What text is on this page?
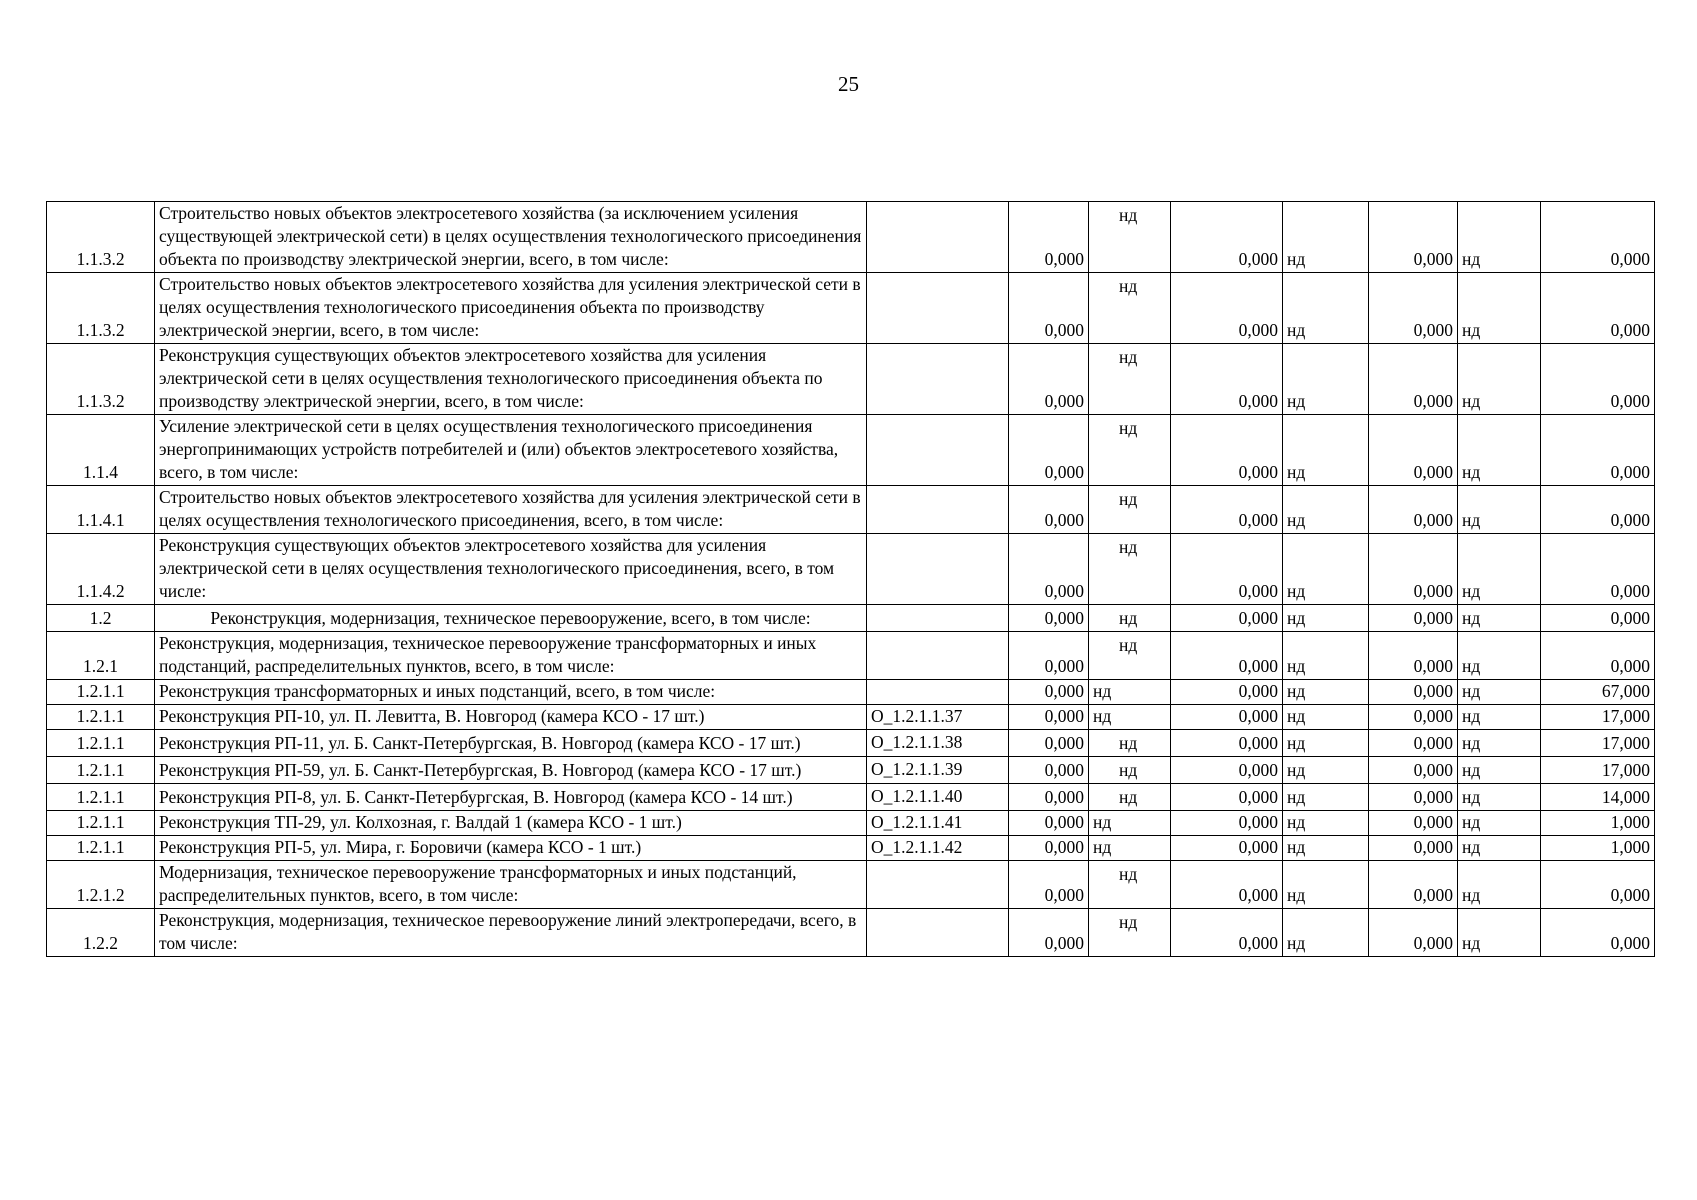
25
1.1.3.2	Строительство новых объектов электросетевого хозяйства (за исключением усиления существующей электрической сети) в целях осуществления технологического присоединения объекта по производству электрической энергии, всего, в том числе:		0,000	нд	0,000	нд	0,000	нд	0,000
1.1.3.2	Строительство новых объектов электросетевого хозяйства для усиления электрической сети в целях осуществления технологического присоединения объекта по производству электрической энергии, всего, в том числе:		0,000	нд	0,000	нд	0,000	нд	0,000
1.1.3.2	Реконструкция существующих объектов электросетевого хозяйства для усиления электрической сети в целях осуществления технологического присоединения объекта по производству электрической энергии, всего, в том числе:		0,000	нд	0,000	нд	0,000	нд	0,000
1.1.4	Усиление электрической сети в целях осуществления технологического присоединения энергопринимающих устройств потребителей и (или) объектов электросетевого хозяйства, всего, в том числе:		0,000	нд	0,000	нд	0,000	нд	0,000
1.1.4.1	Строительство новых объектов электросетевого хозяйства для усиления электрической сети в целях осуществления технологического присоединения, всего, в том числе:		0,000	нд	0,000	нд	0,000	нд	0,000
1.1.4.2	Реконструкция существующих объектов электросетевого хозяйства для усиления электрической сети в целях осуществления технологического присоединения, всего, в том числе:		0,000	нд	0,000	нд	0,000	нд	0,000
1.2	Реконструкция, модернизация, техническое перевооружение, всего, в том числе:		0,000	нд	0,000	нд	0,000	нд	0,000
1.2.1	Реконструкция, модернизация, техническое перевооружение трансформаторных и иных подстанций, распределительных пунктов, всего, в том числе:		0,000	нд	0,000	нд	0,000	нд	0,000
1.2.1.1	Реконструкция трансформаторных и иных подстанций, всего, в том числе:		0,000	нд	0,000	нд	0,000	нд	67,000
1.2.1.1	Реконструкция РП-10, ул. П. Левитта, В. Новгород (камера КСО - 17 шт.)	O_1.2.1.1.37	0,000	нд	0,000	нд	0,000	нд	17,000
1.2.1.1	Реконструкция РП-11, ул. Б. Санкт-Петербургская, В. Новгород (камера КСО - 17 шт.)	O_1.2.1.1.38	0,000	нд	0,000	нд	0,000	нд	17,000
1.2.1.1	Реконструкция РП-59, ул. Б. Санкт-Петербургская, В. Новгород (камера КСО - 17 шт.)	O_1.2.1.1.39	0,000	нд	0,000	нд	0,000	нд	17,000
1.2.1.1	Реконструкция РП-8, ул. Б. Санкт-Петербургская, В. Новгород (камера КСО - 14 шт.)	O_1.2.1.1.40	0,000	нд	0,000	нд	0,000	нд	14,000
1.2.1.1	Реконструкция ТП-29, ул. Колхозная, г. Валдай 1 (камера КСО - 1 шт.)	O_1.2.1.1.41	0,000	нд	0,000	нд	0,000	нд	1,000
1.2.1.1	Реконструкция РП-5, ул. Мира, г. Боровичи (камера КСО - 1 шт.)	O_1.2.1.1.42	0,000	нд	0,000	нд	0,000	нд	1,000
1.2.1.2	Модернизация, техническое перевооружение трансформаторных и иных подстанций, распределительных пунктов, всего, в том числе:		0,000	нд	0,000	нд	0,000	нд	0,000
1.2.2	Реконструкция, модернизация, техническое перевооружение линий электропередачи, всего, в том числе:		0,000	нд	0,000	нд	0,000	нд	0,000
